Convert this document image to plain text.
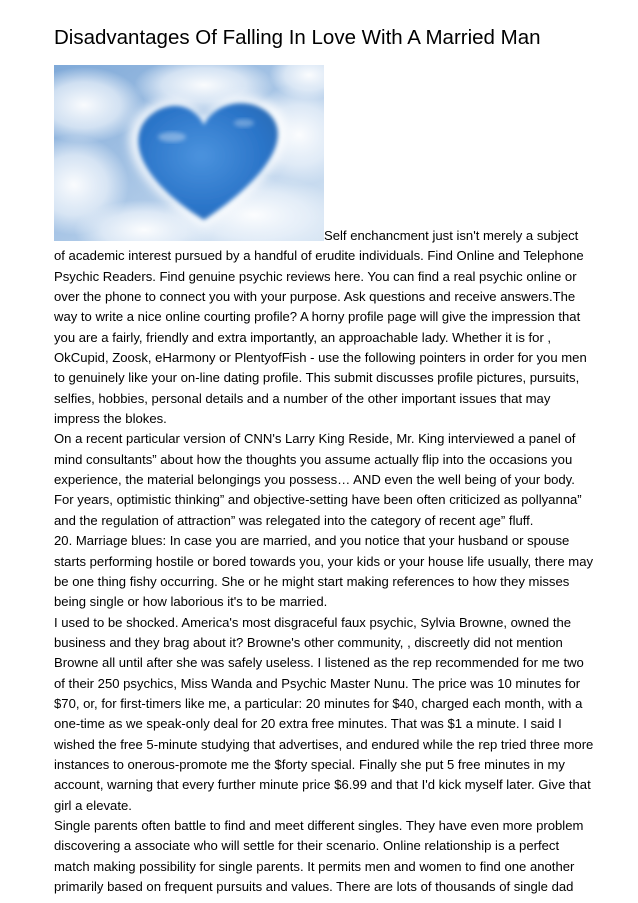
Disadvantages Of Falling In Love With A Married Man
Self enchancment just isn't merely a subject
of academic interest pursued by a handful of erudite individuals. Find Online and Telephone
Psychic Readers. Find genuine psychic reviews here. You can find a real psychic online or
over the phone to connect you with your purpose. Ask questions and receive answers.The
way to write a nice online courting profile? A horny profile page will give the impression that
you are a fairly, friendly and extra importantly, an approachable lady. Whether it is for ,
OkCupid, Zoosk, eHarmony or PlentyofFish - use the following pointers in order for you men
to genuinely like your on-line dating profile. This submit discusses profile pictures, pursuits,
selfies, hobbies, personal details and a number of the other important issues that may
impress the blokes.
On a recent particular version of CNN's Larry King Reside, Mr. King interviewed a panel of
mind consultants” about how the thoughts you assume actually flip into the occasions you
experience, the material belongings you possess… AND even the well being of your body.
For years, optimistic thinking” and objective-setting have been often criticized as pollyanna”
and the regulation of attraction” was relegated into the category of recent age” fluff.
20. Marriage blues: In case you are married, and you notice that your husband or spouse
starts performing hostile or bored towards you, your kids or your house life usually, there may
be one thing fishy occurring. She or he might start making references to how they misses
being single or how laborious it's to be married.
I used to be shocked. America's most disgraceful faux psychic, Sylvia Browne, owned the
business and they brag about it? Browne's other community, , discreetly did not mention
Browne all until after she was safely useless. I listened as the rep recommended for me two
of their 250 psychics, Miss Wanda and Psychic Master Nunu. The price was 10 minutes for
$70, or, for first-timers like me, a particular: 20 minutes for $40, charged each month, with a
one-time as we speak-only deal for 20 extra free minutes. That was $1 a minute. I said I
wished the free 5-minute studying that advertises, and endured while the rep tried three more
instances to onerous-promote me the $forty special. Finally she put 5 free minutes in my
account, warning that every further minute price $6.99 and that I'd kick myself later. Give that
girl a elevate.
Single parents often battle to find and meet different singles. They have even more problem
discovering a associate who will settle for their scenario. Online relationship is a perfect
match making possibility for single parents. It permits men and women to find one another
primarily based on frequent pursuits and values. There are lots of thousands of single dad
